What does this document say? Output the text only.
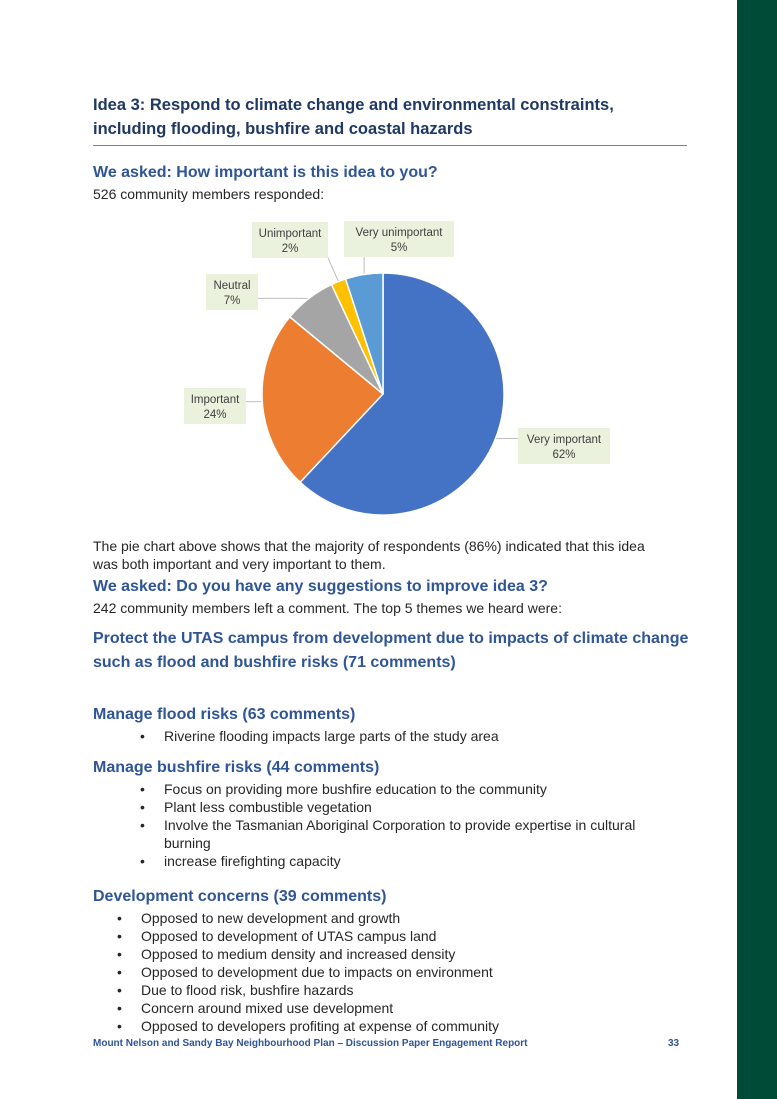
Idea 3: Respond to climate change and environmental constraints, including flooding, bushfire and coastal hazards
We asked: How important is this idea to you?

526 community members responded:

Very important
62%
Important
24%
Neutral
7%
Unimportant
2%
Very unimportant
5%

The pie chart above shows that the majority of respondents (86%) indicated that this idea was both important and very important to them.

We asked: Do you have any suggestions to improve idea 3?

242 community members left a comment. The top 5 themes we heard were:

Protect the UTAS campus from development due to impacts of climate change such as flood and bushfire risks (71 comments)
Manage flood risks (63 comments)
• Riverine flooding impacts large parts of the study area
Manage bushfire risks (44 comments)
• Focus on providing more bushfire education to the community
• Plant less combustible vegetation
• Involve the Tasmanian Aboriginal Corporation to provide expertise in cultural burning
• increase firefighting capacity
Development concerns (39 comments)
• Opposed to new development and growth
• Opposed to development of UTAS campus land
• Opposed to medium density and increased density
• Opposed to development due to impacts on environment
• Due to flood risk, bushfire hazards
• Concern around mixed use development
• Opposed to developers profiting at expense of community
Mount Nelson and Sandy Bay Neighbourhood Plan – Discussion Paper Engagement Report	33
